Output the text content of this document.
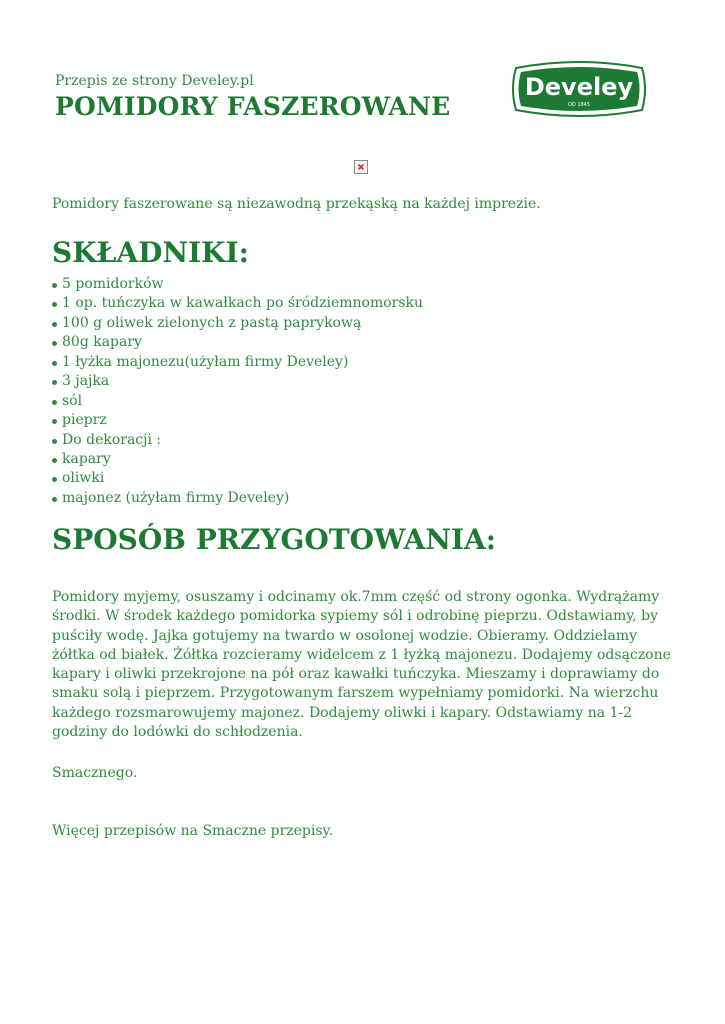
Przepis ze strony Develey.pl
POMIDORY FASZEROWANE
Develey
OD 1845
Pomidory faszerowane są niezawodną przekąską na każdej imprezie.
SKŁADNIKI:
5 pomidorków
1 op. tuńczyka w kawałkach po śródziemnomorsku
100 g oliwek zielonych z pastą paprykową
80g kapary
1 łyżka majonezu(użyłam firmy Develey)
3 jajka
sól
pieprz
Do dekoracji :
kapary
oliwki
majonez (użyłam firmy Develey)
SPOSÓB PRZYGOTOWANIA:
Pomidory myjemy, osuszamy i odcinamy ok.7mm część od strony ogonka. Wydrążamy środki. W środek każdego pomidorka sypiemy sól i odrobinę pieprzu. Odstawiamy, by puściły wodę. Jajka gotujemy na twardo w osolonej wodzie. Obieramy. Oddzielamy żółtka od białek. Żółtka rozcieramy widelcem z 1 łyżką majonezu. Dodajemy odsączone kapary i oliwki przekrojone na pół oraz kawałki tuńczyka. Mieszamy i doprawiamy do smaku solą i pieprzem. Przygotowanym farszem wypełniamy pomidorki. Na wierzchu każdego rozsmarowujemy majonez. Dodajemy oliwki i kapary. Odstawiamy na 1-2 godziny do lodówki do schłodzenia.
Smacznego.
Więcej przepisów na Smaczne przepisy.
